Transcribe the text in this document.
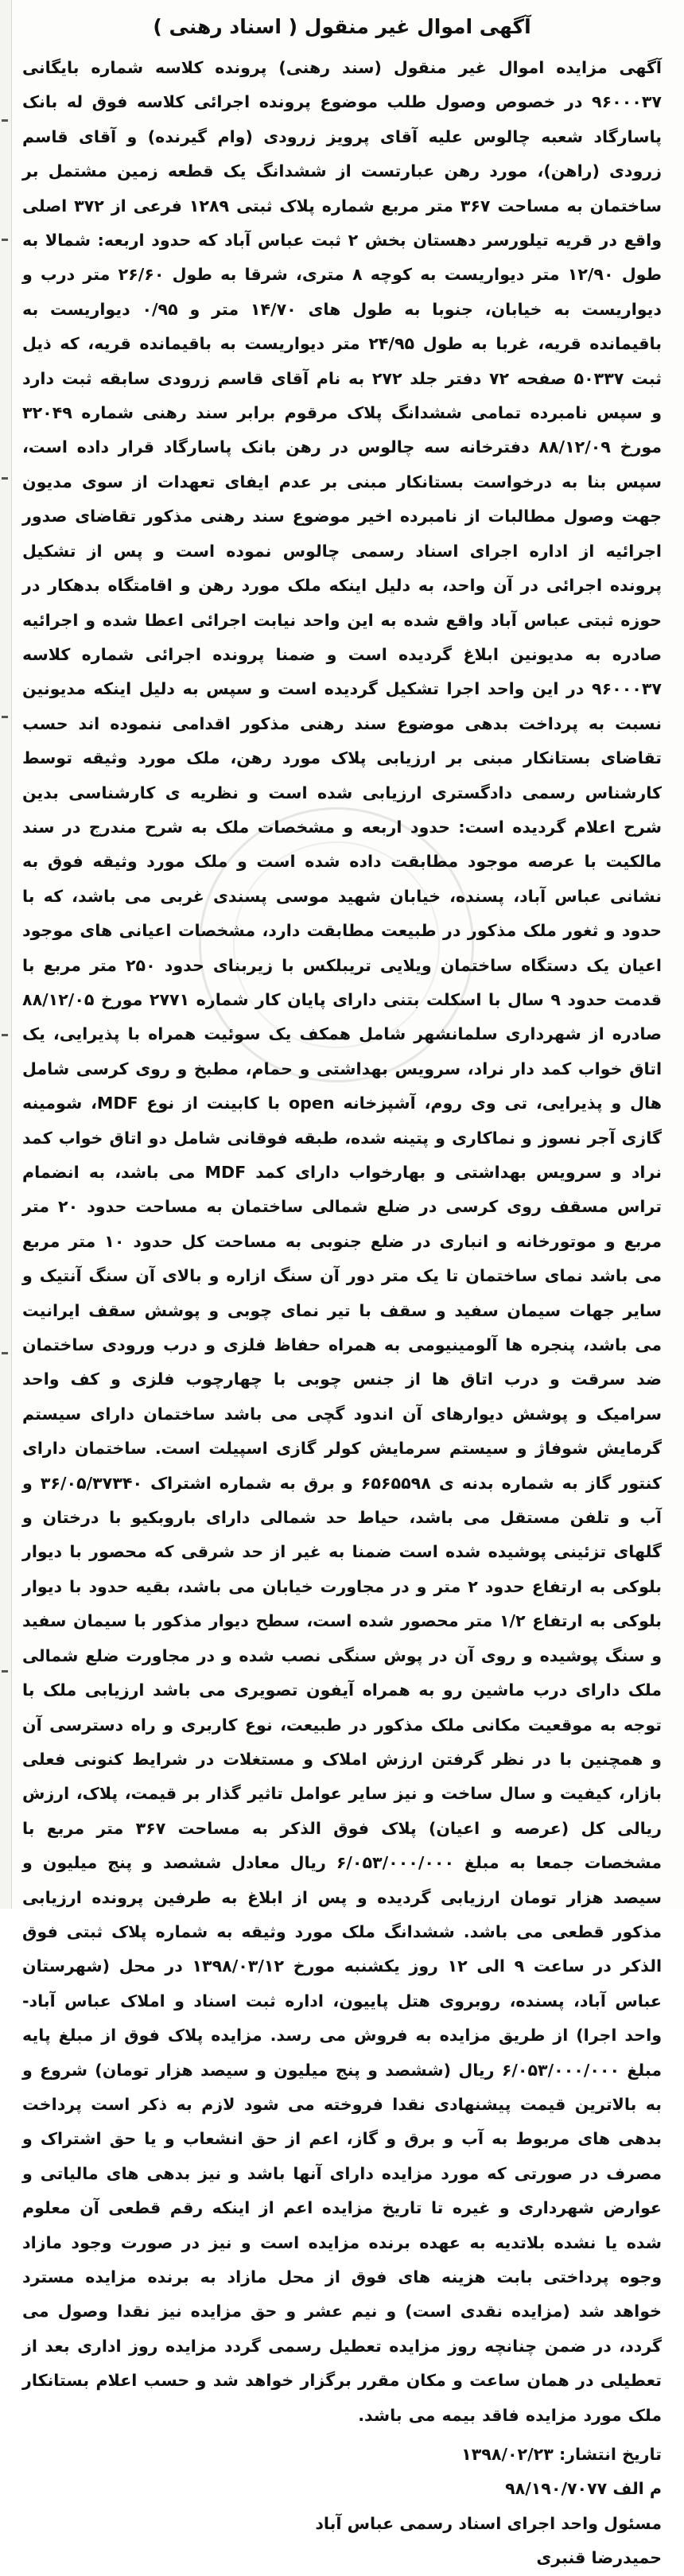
آگهی اموال غیر منقول ( اسناد رهنی )

آگهی مزایده اموال غیر منقول (سند رهنی) پرونده کلاسه شماره بایگانی ۹۶۰۰۰۳۷ در خصوص وصول طلب موضوع پرونده اجرائی کلاسه فوق له بانک پاسارگاد شعبه چالوس علیه آقای پرویز زرودی (وام گیرنده) و آقای قاسم زرودی (راهن)، مورد رهن عبارتست از ششدانگ یک قطعه زمین مشتمل بر ساختمان به مساحت ۳۶۷ متر مربع شماره پلاک ثبتی ۱۲۸۹ فرعی از ۳۷۲ اصلی واقع در قریه تیلورسر دهستان بخش ۲ ثبت عباس آباد که حدود اربعه: شمالا به طول ۱۲/۹۰ متر دیواریست به کوچه ۸ متری، شرقا به طول ۲۶/۶۰ متر درب و دیواریست به خیابان، جنوبا به طول های ۱۴/۷۰ متر و ۰/۹۵ دیواریست به باقیمانده قریه، غربا به طول ۲۴/۹۵ متر دیواریست به باقیمانده قریه، که ذیل ثبت ۵۰۳۳۷ صفحه ۷۲ دفتر جلد ۲۷۲ به نام آقای قاسم زرودی سابقه ثبت دارد و سپس نامبرده تمامی ششدانگ پلاک مرقوم برابر سند رهنی شماره ۳۲۰۴۹ مورخ ۸۸/۱۲/۰۹ دفترخانه سه چالوس در رهن بانک پاسارگاد قرار داده است، سپس بنا به درخواست بستانکار مبنی بر عدم ایفای تعهدات از سوی مدیون جهت وصول مطالبات از نامبرده اخیر موضوع سند رهنی مذکور تقاضای صدور اجرائیه از اداره اجرای اسناد رسمی چالوس نموده است و پس از تشکیل پرونده اجرائی در آن واحد، به دلیل اینکه ملک مورد رهن و اقامتگاه بدهکار در حوزه ثبتی عباس آباد واقع شده به این واحد نیابت اجرائی اعطا شده و اجرائیه صادره به مدیونین ابلاغ گردیده است و ضمنا پرونده اجرائی شماره کلاسه ۹۶۰۰۰۳۷ در این واحد اجرا تشکیل گردیده است و سپس به دلیل اینکه مدیونین نسبت به پرداخت بدهی موضوع سند رهنی مذکور اقدامی ننموده اند حسب تقاضای بستانکار مبنی بر ارزیابی پلاک مورد رهن، ملک مورد وثیقه توسط کارشناس رسمی دادگستری ارزیابی شده است و نظریه ی کارشناسی بدین شرح اعلام گردیده است: حدود اربعه و مشخصات ملک به شرح مندرج در سند مالکیت با عرصه موجود مطابقت داده شده است و ملک مورد وثیقه فوق به نشانی عباس آباد، پسنده، خیابان شهید موسی پسندی غربی می باشد، که با حدود و ثغور ملک مذکور در طبیعت مطابقت دارد، مشخصات اعیانی های موجود اعیان یک دستگاه ساختمان ویلایی تریبلکس با زیربنای حدود ۲۵۰ متر مربع با قدمت حدود ۹ سال با اسکلت بتنی دارای پایان کار شماره ۲۷۷۱ مورخ ۸۸/۱۲/۰۵ صادره از شهرداری سلمانشهر شامل همکف یک سوئیت همراه با پذیرایی، یک اتاق خواب کمد دار نراد، سرویس بهداشتی و حمام، مطبخ و روی کرسی شامل هال و پذیرایی، تی وی روم، آشپزخانه open با کابینت از نوع MDF، شومینه گازی آجر نسوز و نماکاری و پتینه شده، طبقه فوقانی شامل دو اتاق خواب کمد نراد و سرویس بهداشتی و بهارخواب دارای کمد MDF می باشد، به انضمام تراس مسقف روی کرسی در ضلع شمالی ساختمان به مساحت حدود ۲۰ متر مربع و موتورخانه و انباری در ضلع جنوبی به مساحت کل حدود ۱۰ متر مربع می باشد نمای ساختمان تا یک متر دور آن سنگ ازاره و بالای آن سنگ آنتیک و سایر جهات سیمان سفید و سقف با تیر نمای چوبی و پوشش سقف ایرانیت می باشد، پنجره ها آلومینیومی به همراه حفاظ فلزی و درب ورودی ساختمان ضد سرقت و درب اتاق ها از جنس چوبی با چهارچوب فلزی و کف واحد سرامیک و پوشش دیوارهای آن اندود گچی می باشد ساختمان دارای سیستم گرمایش شوفاژ و سیستم سرمایش کولر گازی اسپیلت است. ساختمان دارای کنتور گاز به شماره بدنه ی ۶۵۶۵۵۹۸ و برق به شماره اشتراک ۳۶/۰۵/۳۷۳۴۰ و آب و تلفن مستقل می باشد، حیاط حد شمالی دارای باروبکیو با درختان و گلهای تزئینی پوشیده شده است ضمنا به غیر از حد شرقی که محصور با دیوار بلوکی به ارتفاع حدود ۲ متر و در مجاورت خیابان می باشد، بقیه حدود با دیوار بلوکی به ارتفاع ۱/۲ متر محصور شده است، سطح دیوار مذکور با سیمان سفید و سنگ پوشیده و روی آن در پوش سنگی نصب شده و در مجاورت ضلع شمالی ملک دارای درب ماشین رو به همراه آیفون تصویری می باشد ارزیابی ملک با توجه به موقعیت مکانی ملک مذکور در طبیعت، نوع کاربری و راه دسترسی آن و همچنین با در نظر گرفتن ارزش املاک و مستغلات در شرایط کنونی فعلی بازار، کیفیت و سال ساخت و نیز سایر عوامل تاثیر گذار بر قیمت، پلاک، ارزش ریالی کل (عرصه و اعیان) پلاک فوق الذکر به مساحت ۳۶۷ متر مربع با مشخصات جمعا به مبلغ ۶/۰۵۳/۰۰۰/۰۰۰ ریال معادل ششصد و پنج میلیون و سیصد هزار تومان ارزیابی گردیده و پس از ابلاغ به طرفین پرونده ارزیابی مذکور قطعی می باشد. ششدانگ ملک مورد وثیقه به شماره پلاک ثبتی فوق الذکر در ساعت ۹ الی ۱۲ روز یکشنبه مورخ ۱۳۹۸/۰۳/۱۲ در محل (شهرستان عباس آباد، پسنده، روبروی هتل پاییون، اداره ثبت اسناد و املاک عباس آباد-واحد اجرا) از طریق مزایده به فروش می رسد. مزایده پلاک فوق از مبلغ پایه مبلغ ۶/۰۵۳/۰۰۰/۰۰۰ ریال (ششصد و پنج میلیون و سیصد هزار تومان) شروع و به بالاترین قیمت پیشنهادی نقدا فروخته می شود لازم به ذکر است پرداخت بدهی های مربوط به آب و برق و گاز، اعم از حق انشعاب و یا حق اشتراک و مصرف در صورتی که مورد مزایده دارای آنها باشد و نیز بدهی های مالیاتی و عوارض شهرداری و غیره تا تاریخ مزایده اعم از اینکه رقم قطعی آن معلوم شده یا نشده بلاتدیه به عهده برنده مزایده است و نیز در صورت وجود مازاد وجوه پرداختی بابت هزینه های فوق از محل مازاد به برنده مزایده مسترد خواهد شد (مزایده نقدی است) و نیم عشر و حق مزایده نیز نقدا وصول می گردد، در ضمن چنانچه روز مزایده تعطیل رسمی گردد مزایده روز اداری بعد از تعطیلی در همان ساعت و مکان مقرر برگزار خواهد شد و حسب اعلام بستانکار ملک مورد مزایده فاقد بیمه می باشد.

تاریخ انتشار: ۱۳۹۸/۰۲/۲۳
م الف ۹۸/۱۹۰/۷۰۷۷
مسئول واحد اجرای اسناد رسمی عباس آباد
حمیدرضا قنبری
